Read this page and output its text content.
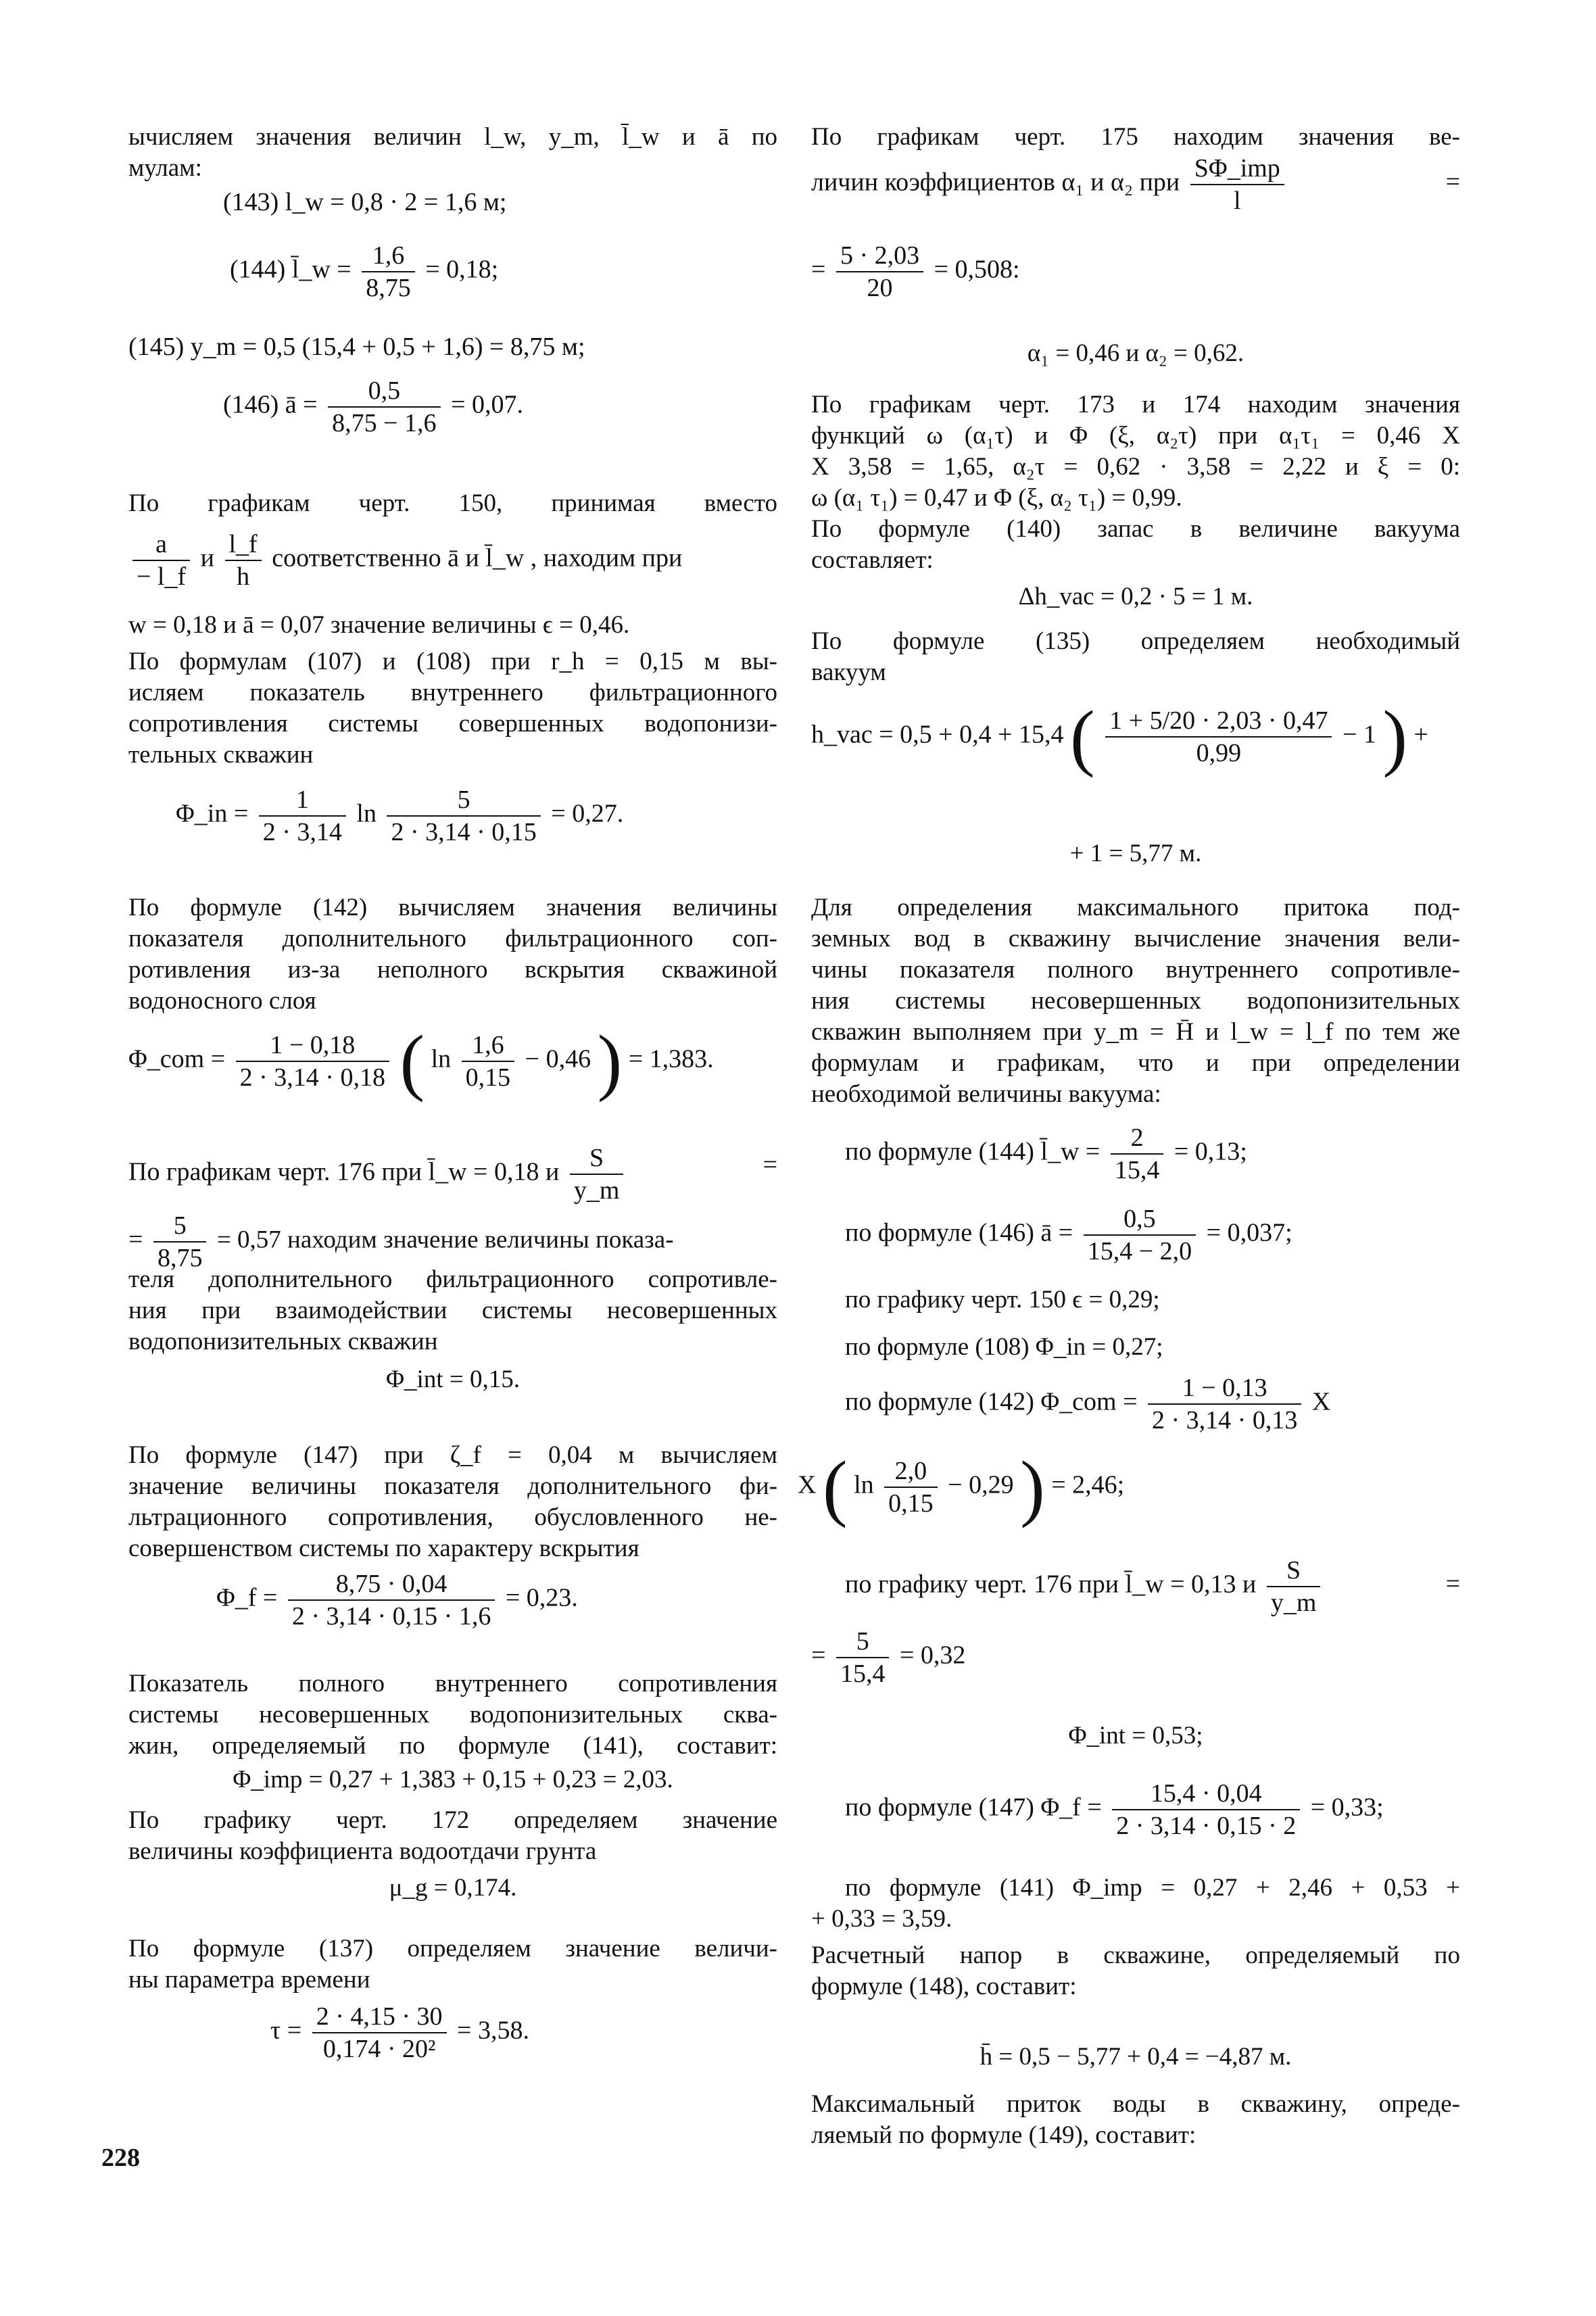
ычисляем значения величин l_w, y_m, l̄_w и ā по
мулам:
(143) l_w = 0,8 · 2 = 1,6 м;
(144) l̄_w = $\frac{1,6}{8,75} = 0,18$;
(145) y_m = 0,5 (15,4 + 0,5 + 1,6) = 8,75 м;
(146) ā = $\frac{0,5}{8,75 - 1,6} = 0,07$.
По графикам черт. 150, принимая вместо
$\frac{a}{- l\_f}$ и $\frac{l\_f}{h}$ соответственно ā и l̄_w , находим при
w = 0,18 и ā = 0,07 значение величины ϵ = 0,46.
По формулам (107) и (108) при r_h = 0,15 м вы-
исляем показатель внутреннего фильтрационного
сопротивления системы совершенных водопонизи-
тельных скважин
Φ_in = $\frac{1}{2 \cdot 3,14}$ $\ln \frac{5}{2 \cdot 3,14 \cdot 0,15} = 0,27$.
По формуле (142) вычисляем значения величины
показателя дополнительного фильтрационного соп-
ротивления из-за неполного вскрытия скважиной
водоносного слоя
Φ_com = $\frac{1 - 0,18}{2 \cdot 3,14 \cdot 0,18}$ ( $\ln \frac{1,6}{0,15} - 0,46$ ) = 1,383.
По графикам черт. 176 при l̄_w = 0,18 и $\frac{S}{y\_m}$	=
= $\frac{5}{8,75} = 0,57$ находим значение величины показа-
теля дополнительного фильтрационного сопротивле-
ния при взаимодействии системы несовершенных
водопонизительных скважин
Φ_int = 0,15.
По формуле (147) при ζ_f = 0,04 м вычисляем
значение величины показателя дополнительного фи-
льтрационного сопротивления, обусловленного не-
совершенством системы по характеру вскрытия
Φ_f = $\frac{8,75 \cdot 0,04}{2 \cdot 3,14 \cdot 0,15 \cdot 1,6} = 0,23$.
Показатель полного внутреннего сопротивления
системы несовершенных водопонизительных сква-
жин, определяемый по формуле (141), составит:
Φ_imp = 0,27 + 1,383 + 0,15 + 0,23 = 2,03.
По графику черт. 172 определяем значение
величины коэффициента водоотдачи грунта
μ_g = 0,174.
По формуле (137) определяем значение величи-
ны параметра времени
$\tau = \frac{2 \cdot 4,15 \cdot 30}{\text{0,174 · 20²}} = 3,58$.
По графикам черт. 175 находим значения ве-
личин коэффициентов α₁ и α₂ при $\frac{\text{SΦ\_imp}}{l}$	=
= $\frac{5 \cdot 2,03}{20} = 0,508$:
α₁ = 0,46 и α₂ = 0,62.
По графикам черт. 173 и 174 находим значения
функций ω (α₁τ) и Φ (ξ, α₂τ) при α₁τ₁ = 0,46 X
X 3,58 = 1,65, α₂τ = 0,62 · 3,58 = 2,22 и ξ = 0:
ω (α₁ τ₁) = 0,47 и Φ (ξ, α₂ τ₁) = 0,99.
По формуле (140) запас в величине вакуума
составляет:
Δh_vac = 0,2 · 5 = 1 м.
По формуле (135) определяем необходимый
вакуум
h_vac = 0,5 + 0,4 + 15,4 ( $\frac{1 + 5/20 \cdot 2,03 \cdot 0,47}{0,99} - 1$ ) +
+ 1 = 5,77 м.
Для определения максимального притока под-
земных вод в скважину вычисление значения вели-
чины показателя полного внутреннего сопротивле-
ния системы несовершенных водопонизительных
скважин выполняем при y_m = H̄ и l_w = l_f по тем же
формулам и графикам, что и при определении
необходимой величины вакуума:
по формуле (144) l̄_w = $\frac{2}{15,4} = 0,13$;
по формуле (146) ā = $\frac{0,5}{15,4 - 2,0} = 0,037$;
по графику черт. 150 ϵ = 0,29;
по формуле (108) Φ_in = 0,27;
по формуле (142) Φ_com = $\frac{1 - 0,13}{2 \cdot 3,14 \cdot 0,13}$ X
X ( $\ln \frac{2,0}{0,15} - 0,29$ ) = 2,46;
по графику черт. 176 при l̄_w = 0,13 и $\frac{S}{y\_m}$	=
= $\frac{5}{15,4} = 0,32$
Φ_int = 0,53;
по формуле (147) Φ_f = $\frac{15,4 \cdot 0,04}{2 \cdot 3,14 \cdot 0,15 \cdot 2} = 0,33$;
по формуле (141) Φ_imp = 0,27 + 2,46 + 0,53 +
+ 0,33 = 3,59.
Расчетный напор в скважине, определяемый по
формуле (148), составит:
h̄ = 0,5 − 5,77 + 0,4 = −4,87 м.
Максимальный приток воды в скважину, опреде-
ляемый по формуле (149), составит:
228
